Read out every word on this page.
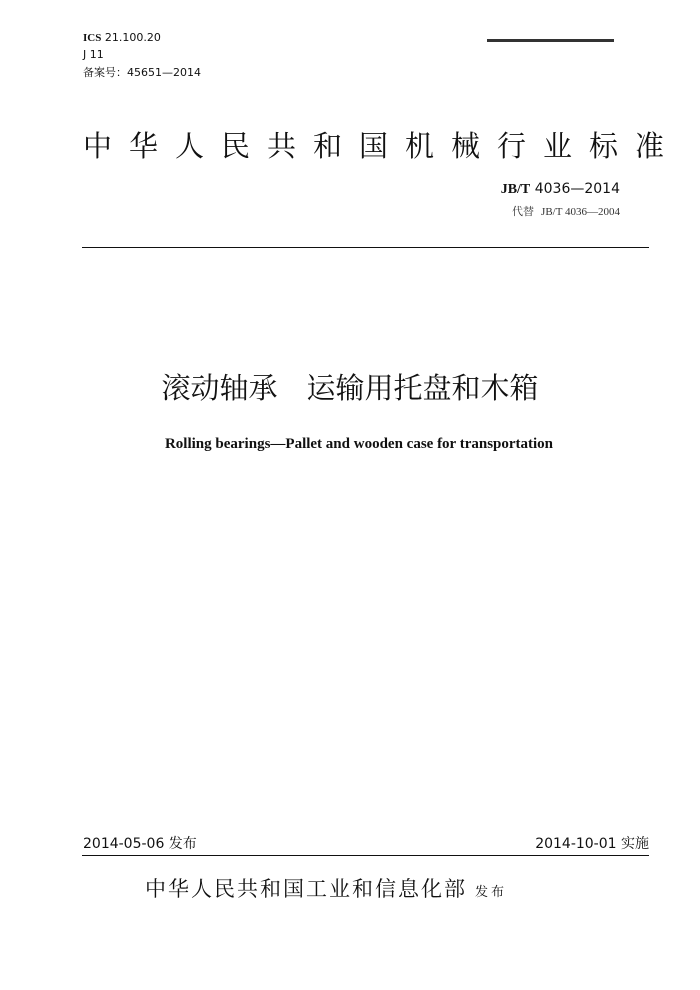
ICS 21.100.20
J 11
备案号：45651—2014
中华人民共和国机械行业标准
JB/T 4036—2014
代替 JB/T 4036—2004
滚动轴承　运输用托盘和木箱
Rolling bearings—Pallet and wooden case for transportation
2014-05-06 发布	2014-10-01 实施
中华人民共和国工业和信息化部 发布
